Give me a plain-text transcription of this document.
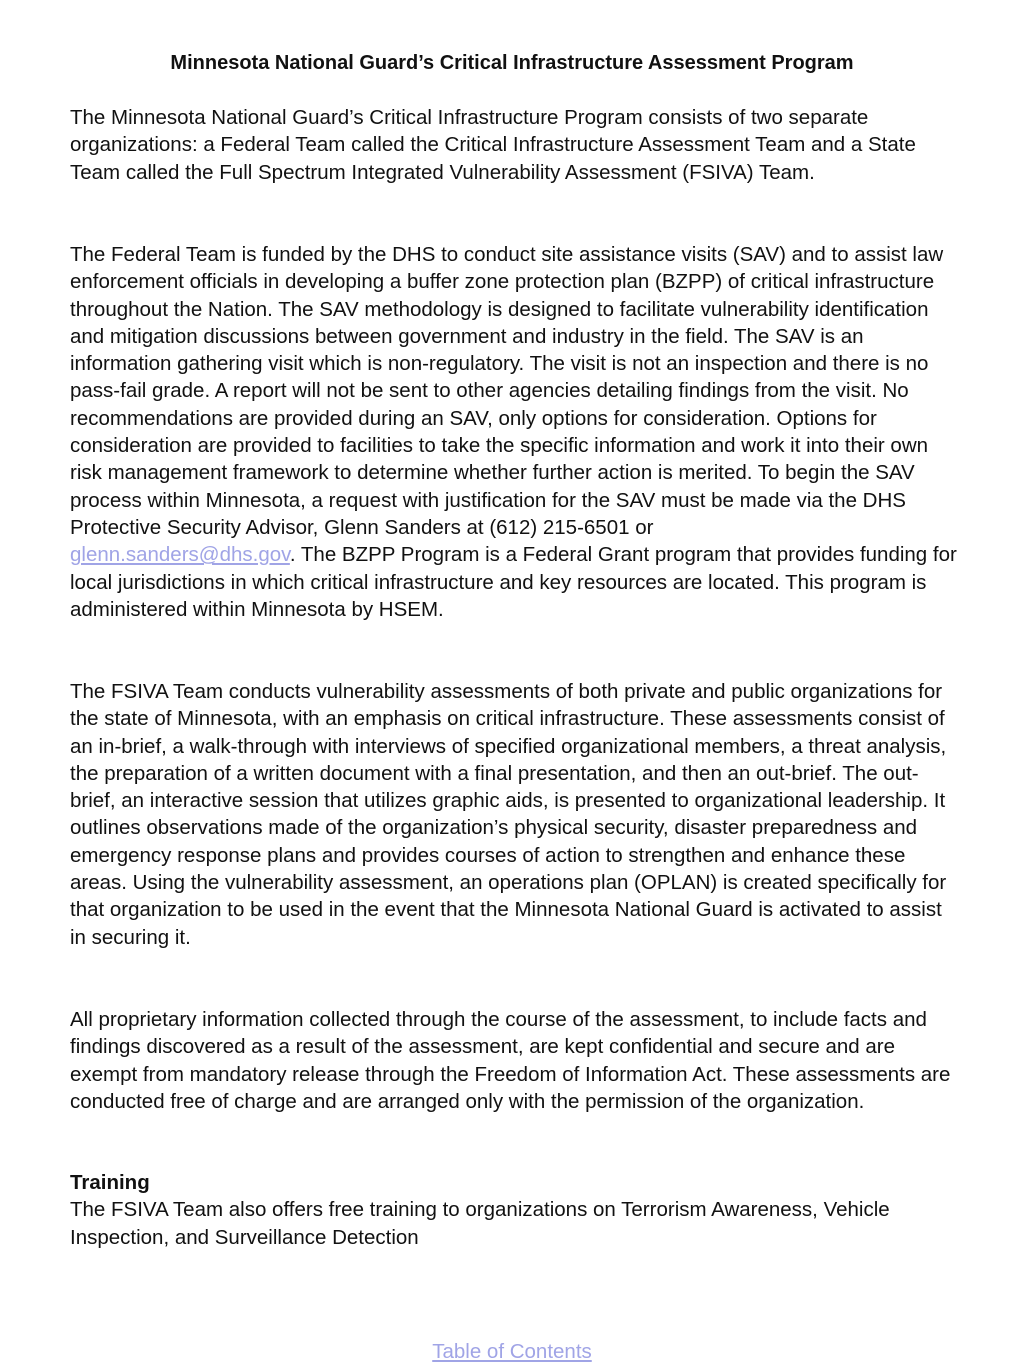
Minnesota National Guard’s Critical Infrastructure Assessment Program

The Minnesota National Guard’s Critical Infrastructure Program consists of two separate organizations: a Federal Team called the Critical Infrastructure Assessment Team and a State Team called the Full Spectrum Integrated Vulnerability Assessment (FSIVA) Team.

The Federal Team is funded by the DHS to conduct site assistance visits (SAV) and to assist law enforcement officials in developing a buffer zone protection plan (BZPP) of critical infrastructure throughout the Nation. The SAV methodology is designed to facilitate vulnerability identification and mitigation discussions between government and industry in the field. The SAV is an information gathering visit which is non-regulatory. The visit is not an inspection and there is no pass-fail grade. A report will not be sent to other agencies detailing findings from the visit. No recommendations are provided during an SAV, only options for consideration. Options for consideration are provided to facilities to take the specific information and work it into their own risk management framework to determine whether further action is merited. To begin the SAV process within Minnesota, a request with justification for the SAV must be made via the DHS Protective Security Advisor, Glenn Sanders at (612) 215-6501 or
glenn.sanders@dhs.gov. The BZPP Program is a Federal Grant program that provides funding for local jurisdictions in which critical infrastructure and key resources are located. This program is administered within Minnesota by HSEM.

The FSIVA Team conducts vulnerability assessments of both private and public organizations for the state of Minnesota, with an emphasis on critical infrastructure. These assessments consist of an in-brief, a walk-through with interviews of specified organizational members, a threat analysis, the preparation of a written document with a final presentation, and then an out-brief. The out-brief, an interactive session that utilizes graphic aids, is presented to organizational leadership. It outlines observations made of the organization’s physical security, disaster preparedness and emergency response plans and provides courses of action to strengthen and enhance these areas. Using the vulnerability assessment, an operations plan (OPLAN) is created specifically for that organization to be used in the event that the Minnesota National Guard is activated to assist in securing it.

All proprietary information collected through the course of the assessment, to include facts and findings discovered as a result of the assessment, are kept confidential and secure and are exempt from mandatory release through the Freedom of Information Act. These assessments are conducted free of charge and are arranged only with the permission of the organization.

Training
The FSIVA Team also offers free training to organizations on Terrorism Awareness, Vehicle Inspection, and Surveillance Detection

Table of Contents
